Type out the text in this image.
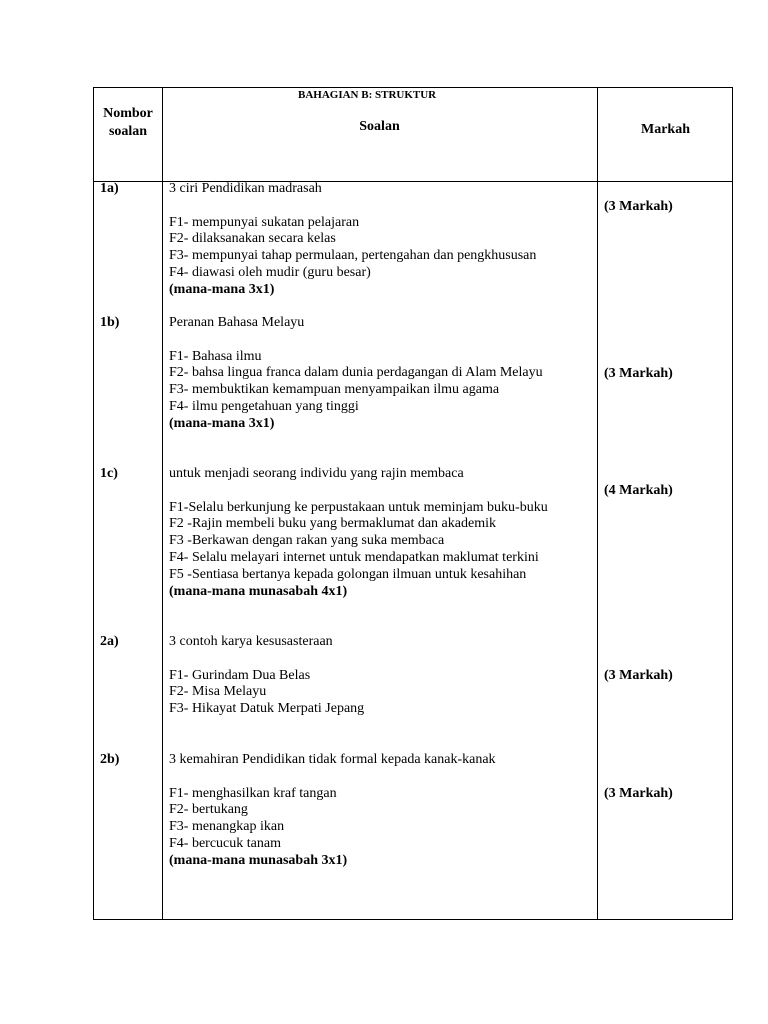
BAHAGIAN B: STRUKTUR
Nombor
soalan	Soalan	Markah
1a)	3 ciri Pendidikan madrasah
F1- mempunyai sukatan pelajaran
F2- dilaksanakan secara kelas
F3- mempunyai tahap permulaan, pertengahan dan pengkhususan
F4- diawasi oleh mudir (guru besar)
(mana-mana 3x1)
(3 Markah)
1b)	Peranan Bahasa Melayu
F1- Bahasa ilmu
F2- bahsa lingua franca dalam dunia perdagangan di Alam Melayu
F3- membuktikan kemampuan menyampaikan ilmu agama
F4- ilmu pengetahuan yang tinggi
(mana-mana 3x1)
(3 Markah)
1c)	untuk menjadi seorang individu yang rajin membaca
F1-Selalu berkunjung ke perpustakaan untuk meminjam buku-buku
F2 -Rajin membeli buku yang bermaklumat dan akademik
F3 -Berkawan dengan rakan yang suka membaca
F4- Selalu melayari internet untuk mendapatkan maklumat terkini
F5 -Sentiasa bertanya kepada golongan ilmuan untuk kesahihan
(mana-mana munasabah 4x1)
(4 Markah)
2a)	3 contoh karya kesusasteraan
F1- Gurindam Dua Belas
F2- Misa Melayu
F3- Hikayat Datuk Merpati Jepang
(3 Markah)
2b)	3 kemahiran Pendidikan tidak formal kepada kanak-kanak
F1- menghasilkan kraf tangan
F2- bertukang
F3- menangkap ikan
F4- bercucuk tanam
(mana-mana munasabah 3x1)
(3 Markah)
